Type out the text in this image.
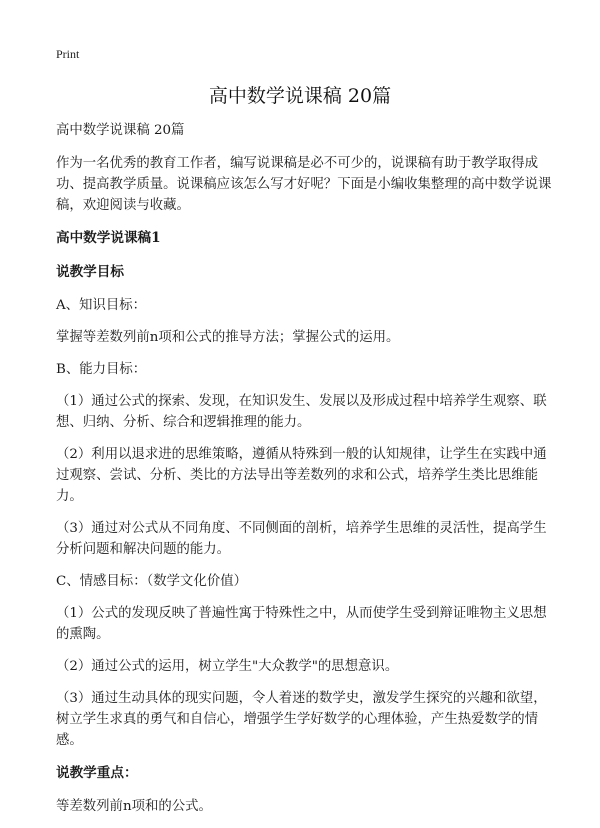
Print
高中数学说课稿 20篇

高中数学说课稿 20篇

作为一名优秀的教育工作者，编写说课稿是必不可少的，说课稿有助于教学取得成功、提高教学质量。说课稿应该怎么写才好呢？下面是小编收集整理的高中数学说课稿，欢迎阅读与收藏。

高中数学说课稿1
说教学目标

A、知识目标：

掌握等差数列前n项和公式的推导方法；掌握公式的运用。

B、能力目标：

（1）通过公式的探索、发现，在知识发生、发展以及形成过程中培养学生观察、联想、归纳、分析、综合和逻辑推理的能力。

（2）利用以退求进的思维策略，遵循从特殊到一般的认知规律，让学生在实践中通过观察、尝试、分析、类比的方法导出等差数列的求和公式，培养学生类比思维能力。

（3）通过对公式从不同角度、不同侧面的剖析，培养学生思维的灵活性，提高学生分析问题和解决问题的能力。

C、情感目标：（数学文化价值）

（1）公式的发现反映了普遍性寓于特殊性之中，从而使学生受到辩证唯物主义思想的熏陶。

（2）通过公式的运用，树立学生"大众教学"的思想意识。

（3）通过生动具体的现实问题，令人着迷的数学史，激发学生探究的兴趣和欲望，树立学生求真的勇气和自信心，增强学生学好数学的心理体验，产生热爱数学的情感。

说教学重点：

等差数列前n项和的公式。
